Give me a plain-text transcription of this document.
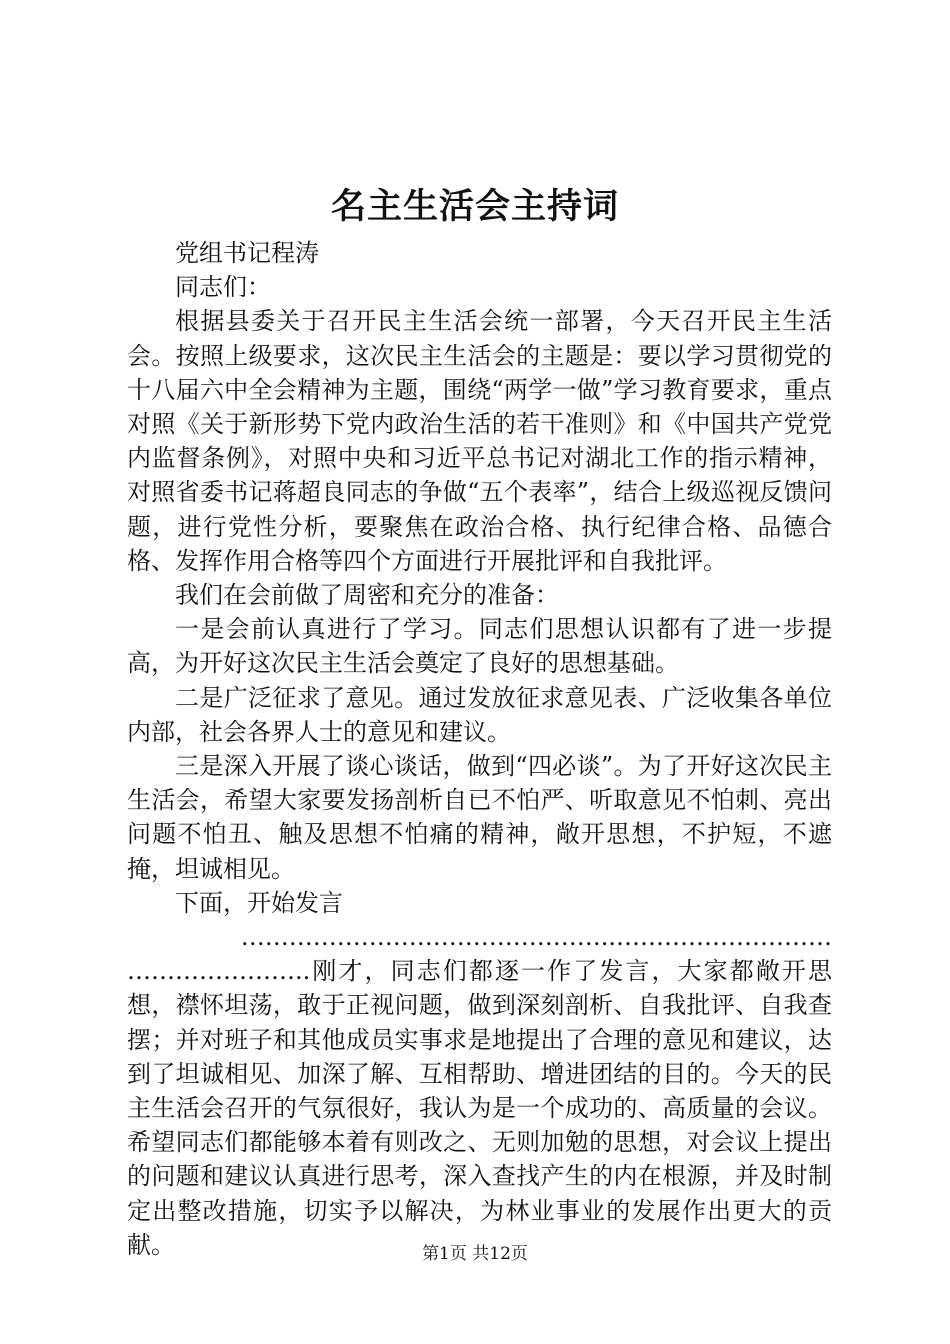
名主生活会主持词

党组书记程涛

同志们：

根据县委关于召开民主生活会统一部署，今天召开民主生活会。按照上级要求，这次民主生活会的主题是：要以学习贯彻党的十八届六中全会精神为主题，围绕“两学一做”学习教育要求，重点对照《关于新形势下党内政治生活的若干准则》和《中国共产党党内监督条例》，对照中央和习近平总书记对湖北工作的指示精神，对照省委书记蒋超良同志的争做“五个表率”，结合上级巡视反馈问题，进行党性分析，要聚焦在政治合格、执行纪律合格、品德合格、发挥作用合格等四个方面进行开展批评和自我批评。

我们在会前做了周密和充分的准备：

一是会前认真进行了学习。同志们思想认识都有了进一步提高，为开好这次民主生活会奠定了良好的思想基础。

二是广泛征求了意见。通过发放征求意见表、广泛收集各单位内部，社会各界人士的意见和建议。

三是深入开展了谈心谈话，做到“四必谈”。为了开好这次民主生活会，希望大家要发扬剖析自已不怕严、听取意见不怕刺、亮出问题不怕丑、触及思想不怕痛的精神，敞开思想，不护短，不遮掩，坦诚相见。

下面，开始发言

………………………………………..………………………

…………………..刚才，同志们都逐一作了发言，大家都敞开思想，襟怀坦荡，敢于正视问题，做到深刻剖析、自我批评、自我查摆；并对班子和其他成员实事求是地提出了合理的意见和建议，达到了坦诚相见、加深了解、互相帮助、增进团结的目的。今天的民主生活会召开的气氛很好，我认为是一个成功的、高质量的会议。希望同志们都能够本着有则改之、无则加勉的思想，对会议上提出的问题和建议认真进行思考，深入查找产生的内在根源，并及时制定出整改措施，切实予以解决，为林业事业的发展作出更大的贡献。	第1页 共12页
